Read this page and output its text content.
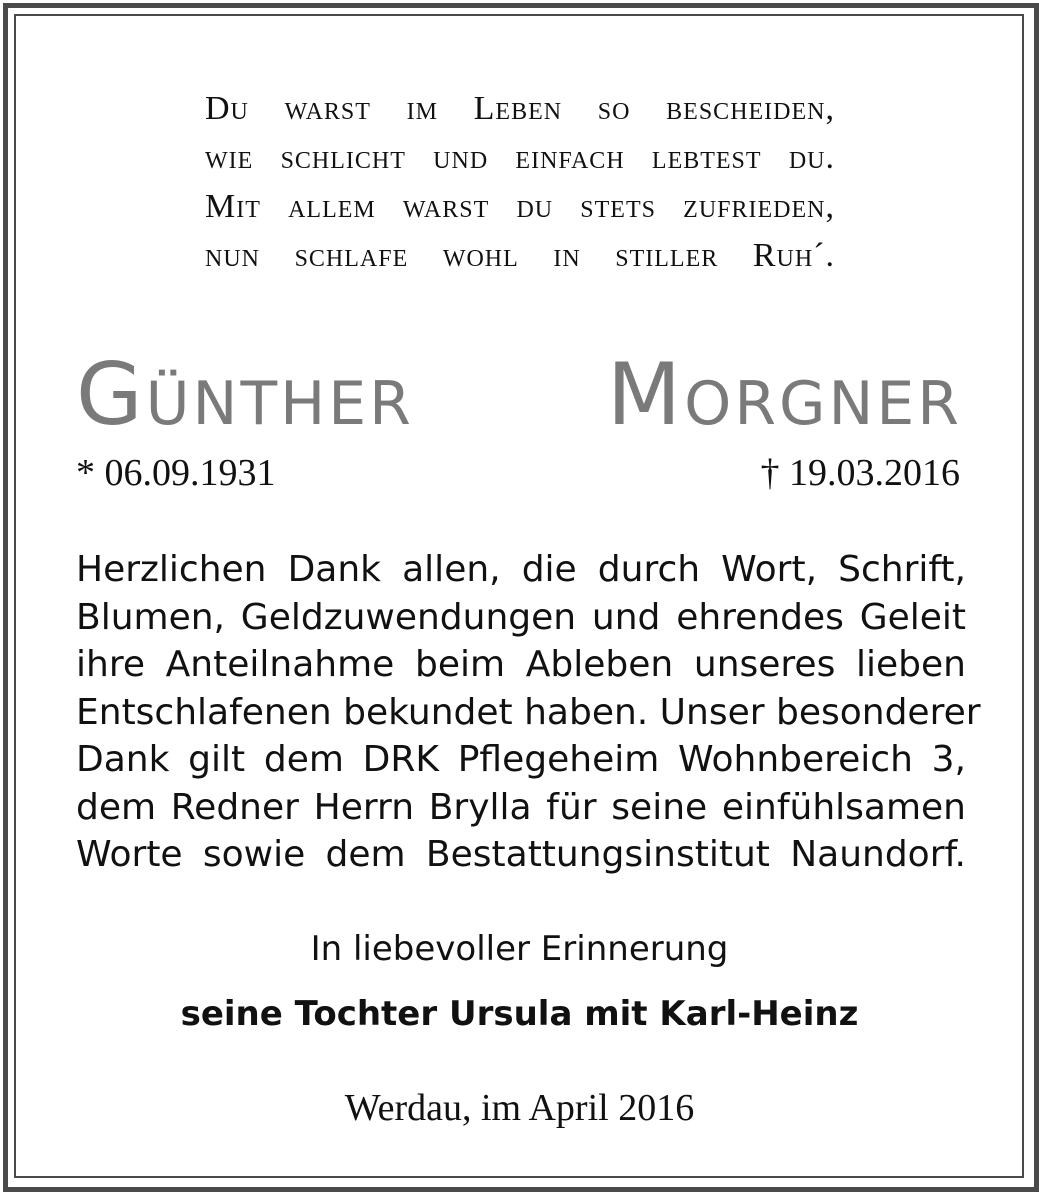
Du warst im Leben so bescheiden,
wie schlicht und einfach lebtest du.
Mit allem warst du stets zufrieden,
nun schlafe wohl in stiller Ruh´.
Günther Morgner
* 06.09.1931	† 19.03.2016
Herzlichen Dank allen, die durch Wort, Schrift,
Blumen, Geldzuwendungen und ehrendes Geleit
ihre Anteilnahme beim Ableben unseres lieben
Entschlafenen bekundet haben. Unser besonderer
Dank gilt dem DRK Pflegeheim Wohnbereich 3,
dem Redner Herrn Brylla für seine einfühlsamen
Worte sowie dem Bestattungsinstitut Naundorf.
In liebevoller Erinnerung
seine Tochter Ursula mit Karl-Heinz
Werdau, im April 2016
